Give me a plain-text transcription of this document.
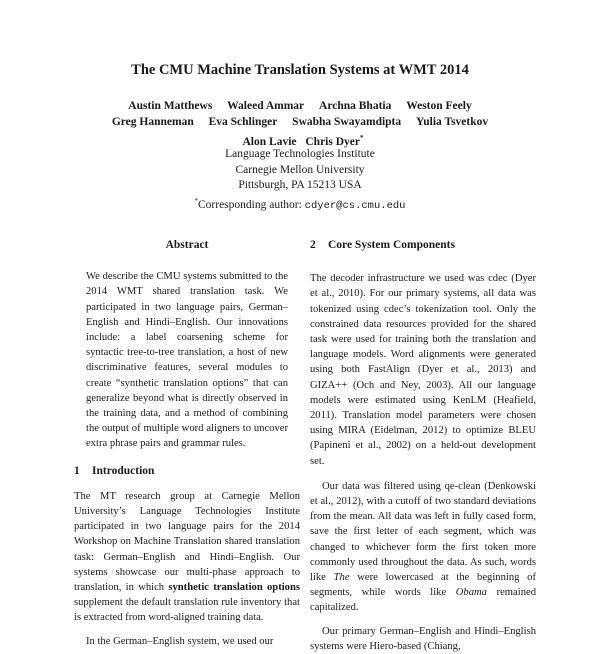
The CMU Machine Translation Systems at WMT 2014
Austin Matthews Waleed Ammar Archna Bhatia Weston Feely
Greg Hanneman Eva Schlinger Swabha Swayamdipta Yulia Tsvetkov
Alon Lavie Chris Dyer*
Language Technologies Institute
Carnegie Mellon University
Pittsburgh, PA 15213 USA
*Corresponding author: cdyer@cs.cmu.edu
Abstract

We describe the CMU systems submitted to the 2014 WMT shared translation task. We participated in two language pairs, German–English and Hindi–English. Our innovations include: a label coarsening scheme for syntactic tree-to-tree translation, a host of new discriminative features, several modules to create “synthetic translation options” that can generalize beyond what is directly observed in the training data, and a method of combining the output of multiple word aligners to uncover extra phrase pairs and grammar rules.

1 Introduction

The MT research group at Carnegie Mellon University’s Language Technologies Institute participated in two language pairs for the 2014 Workshop on Machine Translation shared translation task: German–English and Hindi–English. Our systems showcase our multi-phase approach to translation, in which synthetic translation options supplement the default translation rule inventory that is extracted from word-aligned training data.

In the German–English system, we used our

2 Core System Components

The decoder infrastructure we used was cdec (Dyer et al., 2010). For our primary systems, all data was tokenized using cdec’s tokenization tool. Only the constrained data resources provided for the shared task were used for training both the translation and language models. Word alignments were generated using both FastAlign (Dyer et al., 2013) and GIZA++ (Och and Ney, 2003). All our language models were estimated using KenLM (Heafield, 2011). Translation model parameters were chosen using MIRA (Eidelman, 2012) to optimize BLEU (Papineni et al., 2002) on a held-out development set.

Our data was filtered using qe-clean (Denkowski et al., 2012), with a cutoff of two standard deviations from the mean. All data was left in fully cased form, save the first letter of each segment, which was changed to whichever form the first token more commonly used throughout the data. As such, words like The were lowercased at the beginning of segments, while words like Obama remained capitalized.

Our primary German–English and Hindi–English systems were Hiero-based (Chiang,
